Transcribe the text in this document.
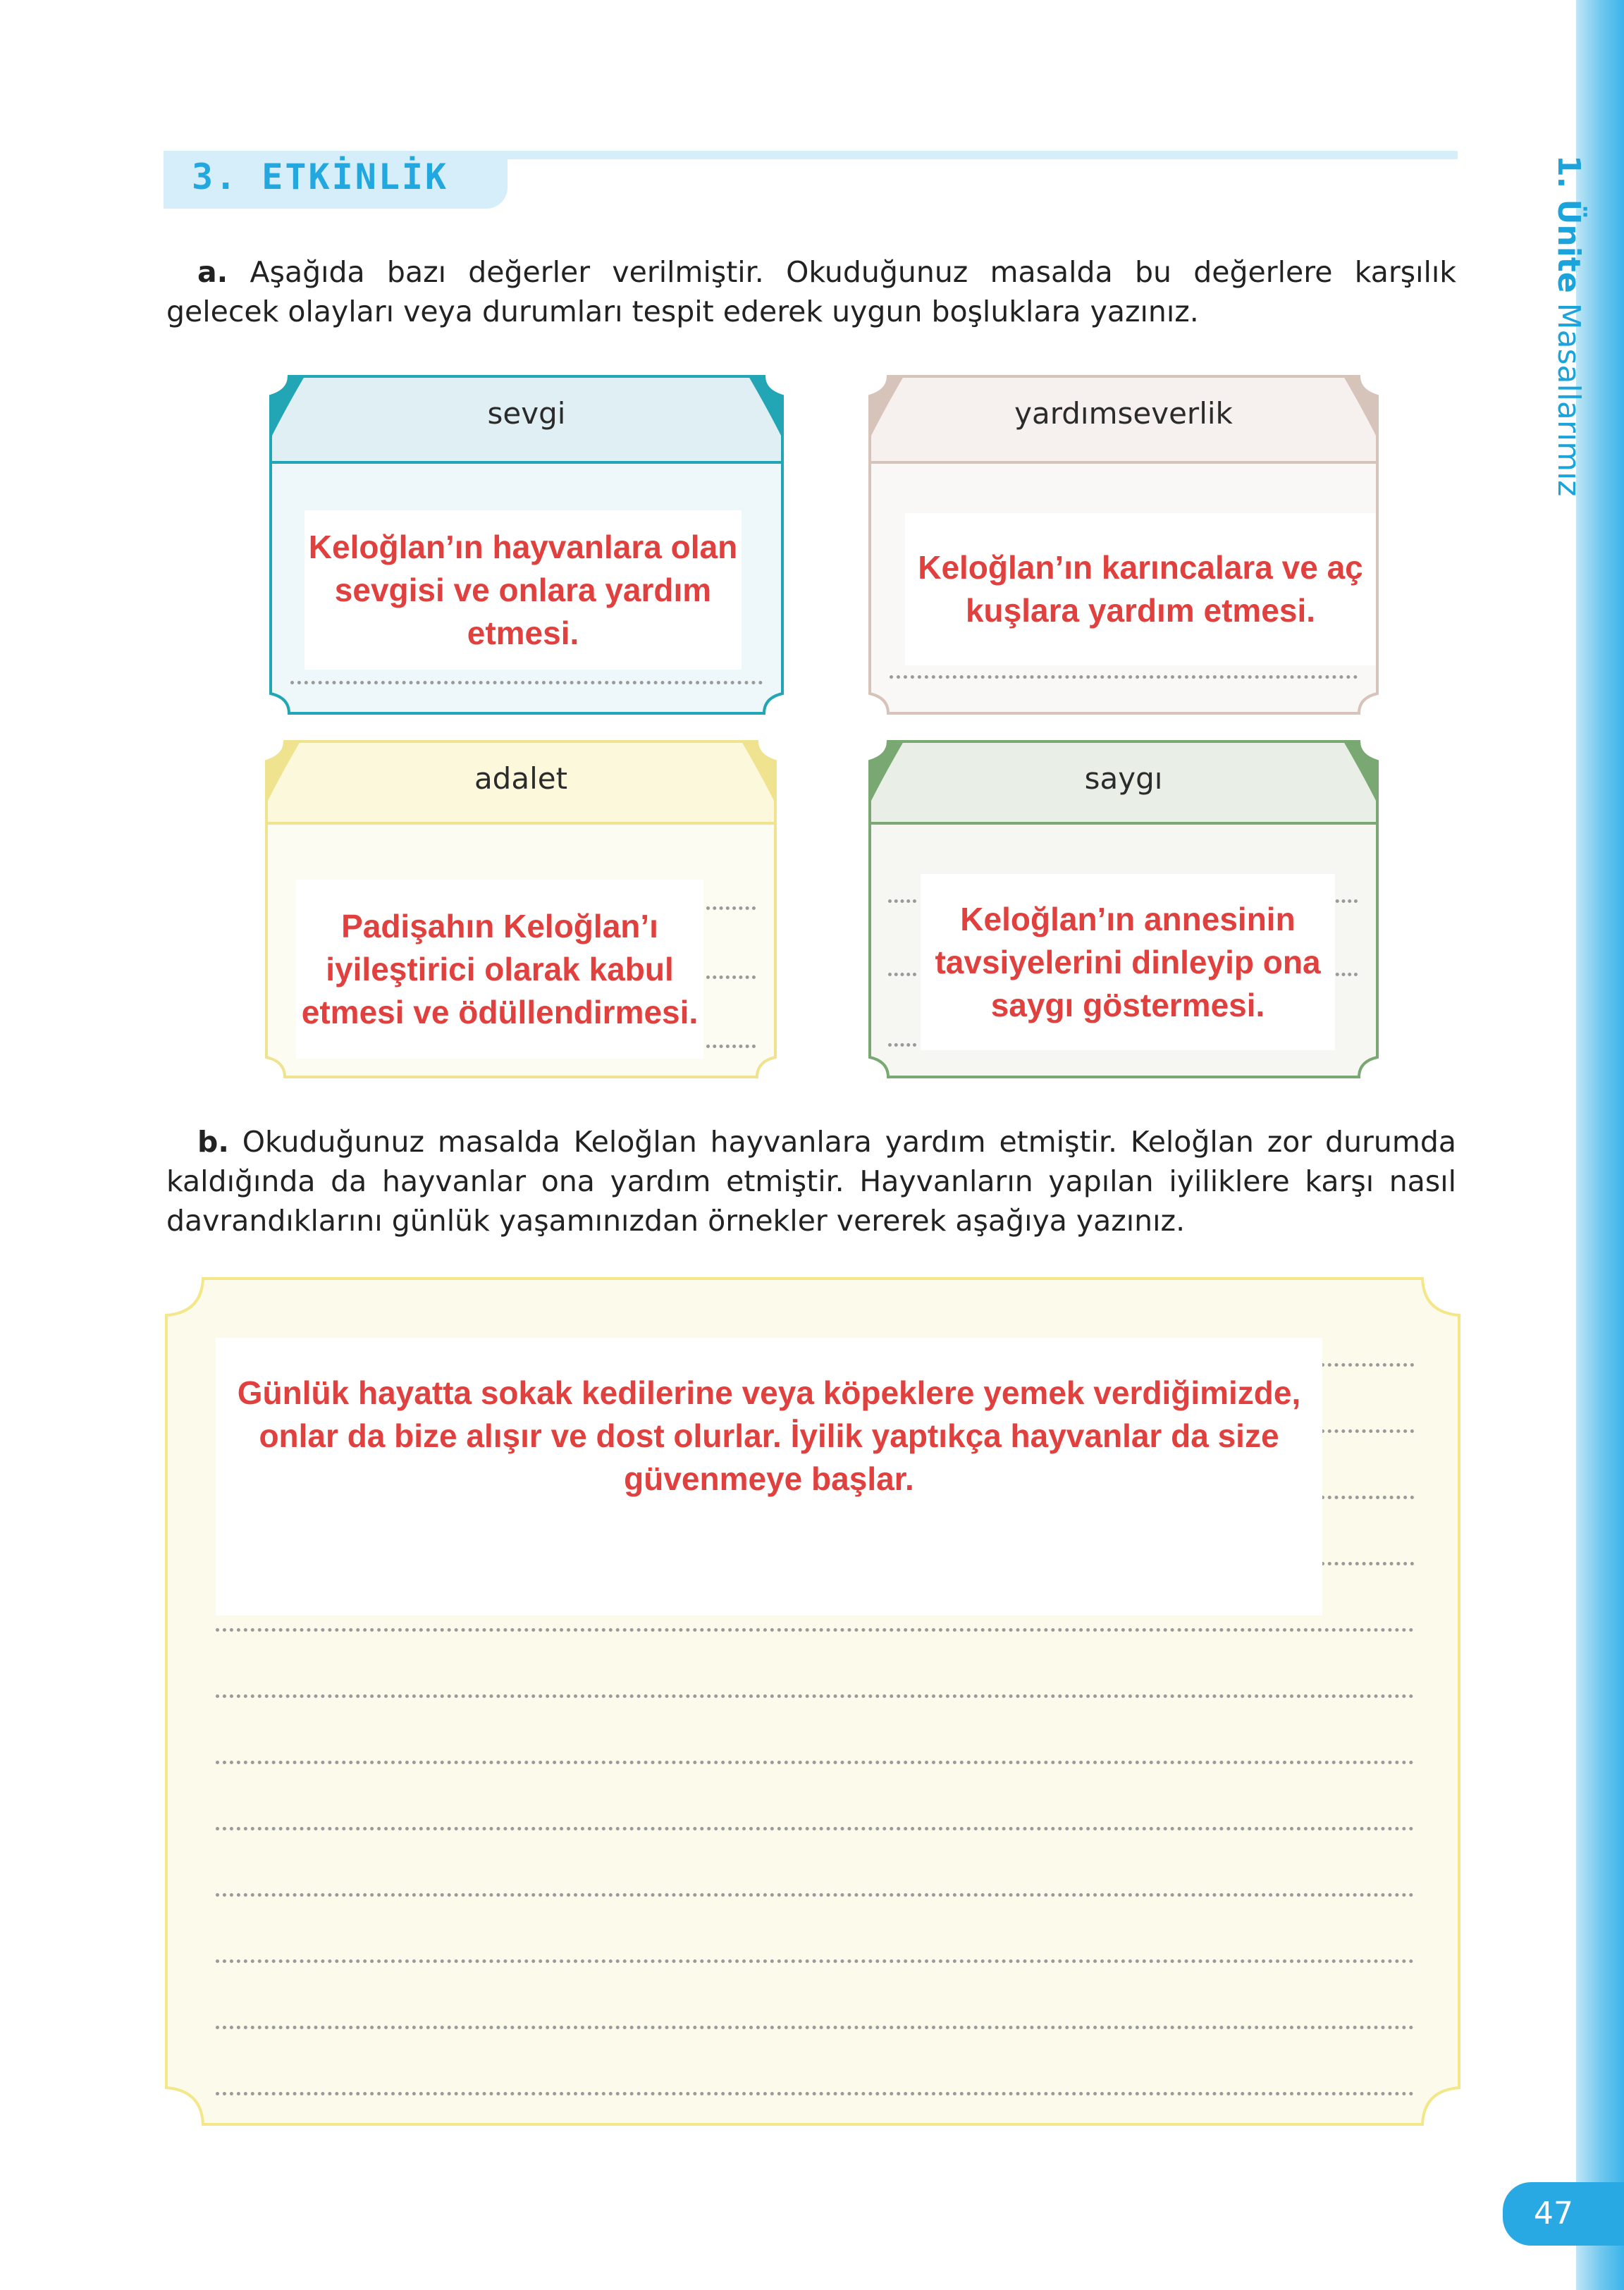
1. Ünite Masallarımız
47
3. ETKİNLİK
a. Aşağıda bazı değerler verilmiştir. Okuduğunuz masalda bu değerlere karşılık gelecek olayları veya durumları tespit ederek uygun boşluklara yazınız.
sevgi
Keloğlan’ın hayvanlara olan sevgisi ve onlara yardım etmesi.
yardımseverlik
Keloğlan’ın karıncalara ve aç kuşlara yardım etmesi.
adalet
Padişahın Keloğlan’ı iyileştirici olarak kabul etmesi ve ödüllendirmesi.
saygı
Keloğlan’ın annesinin tavsiyelerini dinleyip ona saygı göstermesi.
b. Okuduğunuz masalda Keloğlan hayvanlara yardım etmiştir. Keloğlan zor durumda kaldığında da hayvanlar ona yardım etmiştir. Hayvanların yapılan iyiliklere karşı nasıl davrandıklarını günlük yaşamınızdan örnekler vererek aşağıya yazınız.
Günlük hayatta sokak kedilerine veya köpeklere yemek verdiğimizde, onlar da bize alışır ve dost olurlar. İyilik yaptıkça hayvanlar da size güvenmeye başlar.
